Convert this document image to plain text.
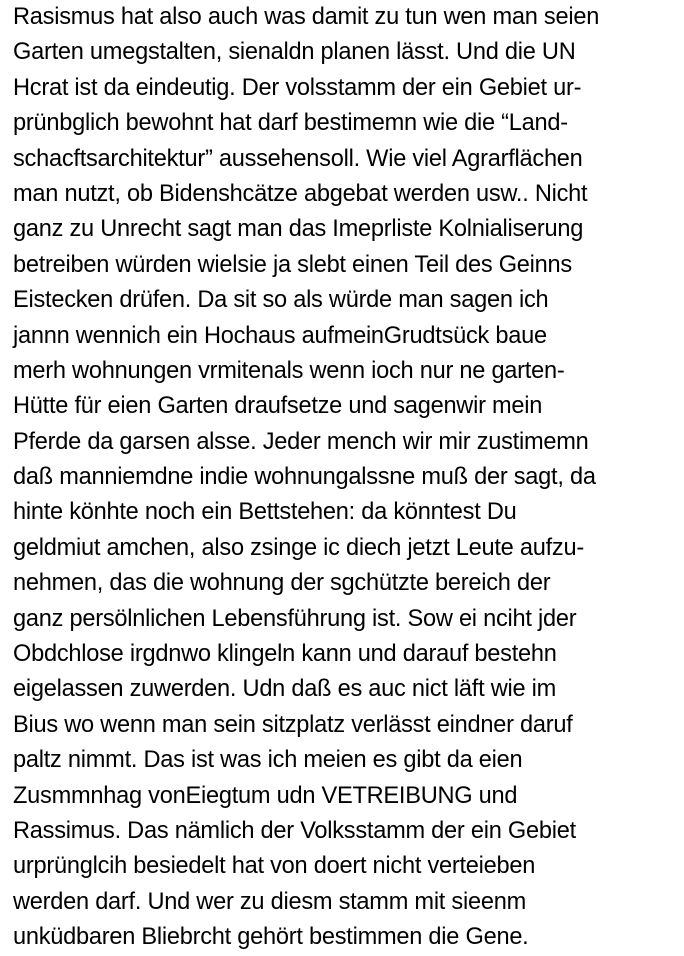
Rasismus hat also auch was damit zu tun wen man seien
Garten umegstalten, sienaldn planen lässt. Und die UN
Hcrat ist da eindeutig. Der volsstamm der ein Gebiet ur-
prünbglich bewohnt hat darf bestimemn wie die “Land-
schacftsarchitektur” aussehensoll. Wie viel Agrarflächen
man nutzt, ob Bidenshcätze abgebat werden usw.. Nicht
ganz zu Unrecht sagt man das Imeprliste Kolnialiserung
betreiben würden wielsie ja slebt einen Teil des Geinns
Eistecken drüfen. Da sit so als würde man sagen ich
jannn wennich ein Hochaus aufmeinGrudtsück baue
merh wohnungen vrmitenals wenn ioch nur ne garten-
Hütte für eien Garten draufsetze und sagenwir mein
Pferde da garsen alsse. Jeder mench wir mir zustimemn
daß manniemdne indie wohnungalssne muß der sagt, da
hinte könhte noch ein Bettstehen: da könntest Du
geldmiut amchen, also zsinge ic diech jetzt Leute aufzu-
nehmen, das die wohnung der sgchützte bereich der
ganz persölnlichen Lebensführung ist. Sow ei nciht jder
Obdchlose irgdnwo klingeln kann und darauf bestehn
eigelassen zuwerden. Udn daß es auc nict läft wie im
Bius wo wenn man sein sitzplatz verlässt eindner daruf
paltz nimmt. Das ist was ich meien es gibt da eien
Zusmmnhag vonEiegtum udn VETREIBUNG und
Rassimus. Das nämlich der Volksstamm der ein Gebiet
urprünglcih besiedelt hat von doert nicht verteieben
werden darf. Und wer zu diesm stamm mit sieenm
unküdbaren Bliebrcht gehört bestimmen die Gene.
